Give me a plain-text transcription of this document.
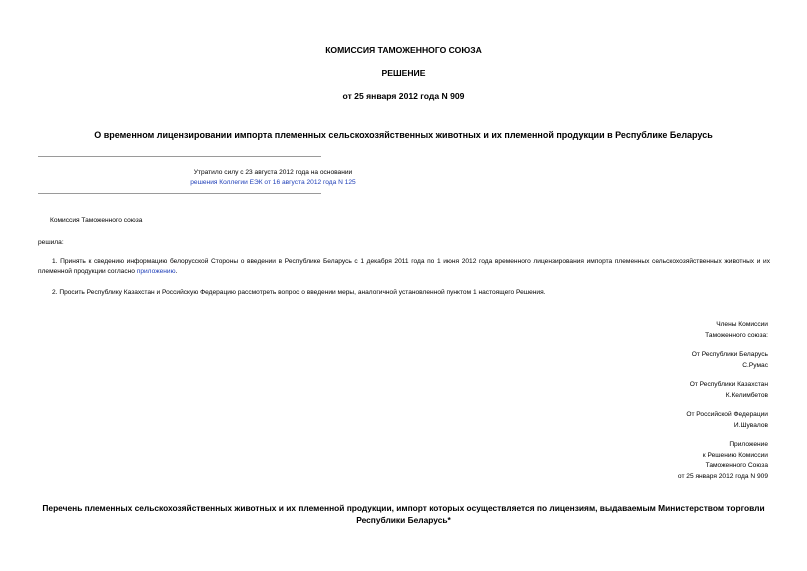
КОМИССИЯ ТАМОЖЕННОГО СОЮЗА
РЕШЕНИЕ
от 25 января 2012 года N 909
О временном лицензировании импорта племенных сельскохозяйственных животных и их племенной продукции в Республике Беларусь
Утратило силу с 23 августа 2012 года на основании
решения Коллегии ЕЭК от 16 августа 2012 года N 125
Комиссия Таможенного союза
решила:
1. Принять к сведению информацию белорусской Стороны о введении в Республике Беларусь с 1 декабря 2011 года по 1 июня 2012 года временного лицензирования импорта племенных сельскохозяйственных животных и их племенной продукции согласно приложению.
2. Просить Республику Казахстан и Российскую Федерацию рассмотреть вопрос о введении меры, аналогичной установленной пунктом 1 настоящего Решения.
Члены Комиссии
Таможенного союза:
От Республики Беларусь
С.Румас
От Республики Казахстан
К.Келимбетов
От Российской Федерации
И.Шувалов
Приложение
к Решению Комиссии
Таможенного Союза
от 25 января 2012 года N 909
Перечень племенных сельскохозяйственных животных и их племенной продукции, импорт которых осуществляется по лицензиям, выдаваемым Министерством торговли Республики Беларусь*
